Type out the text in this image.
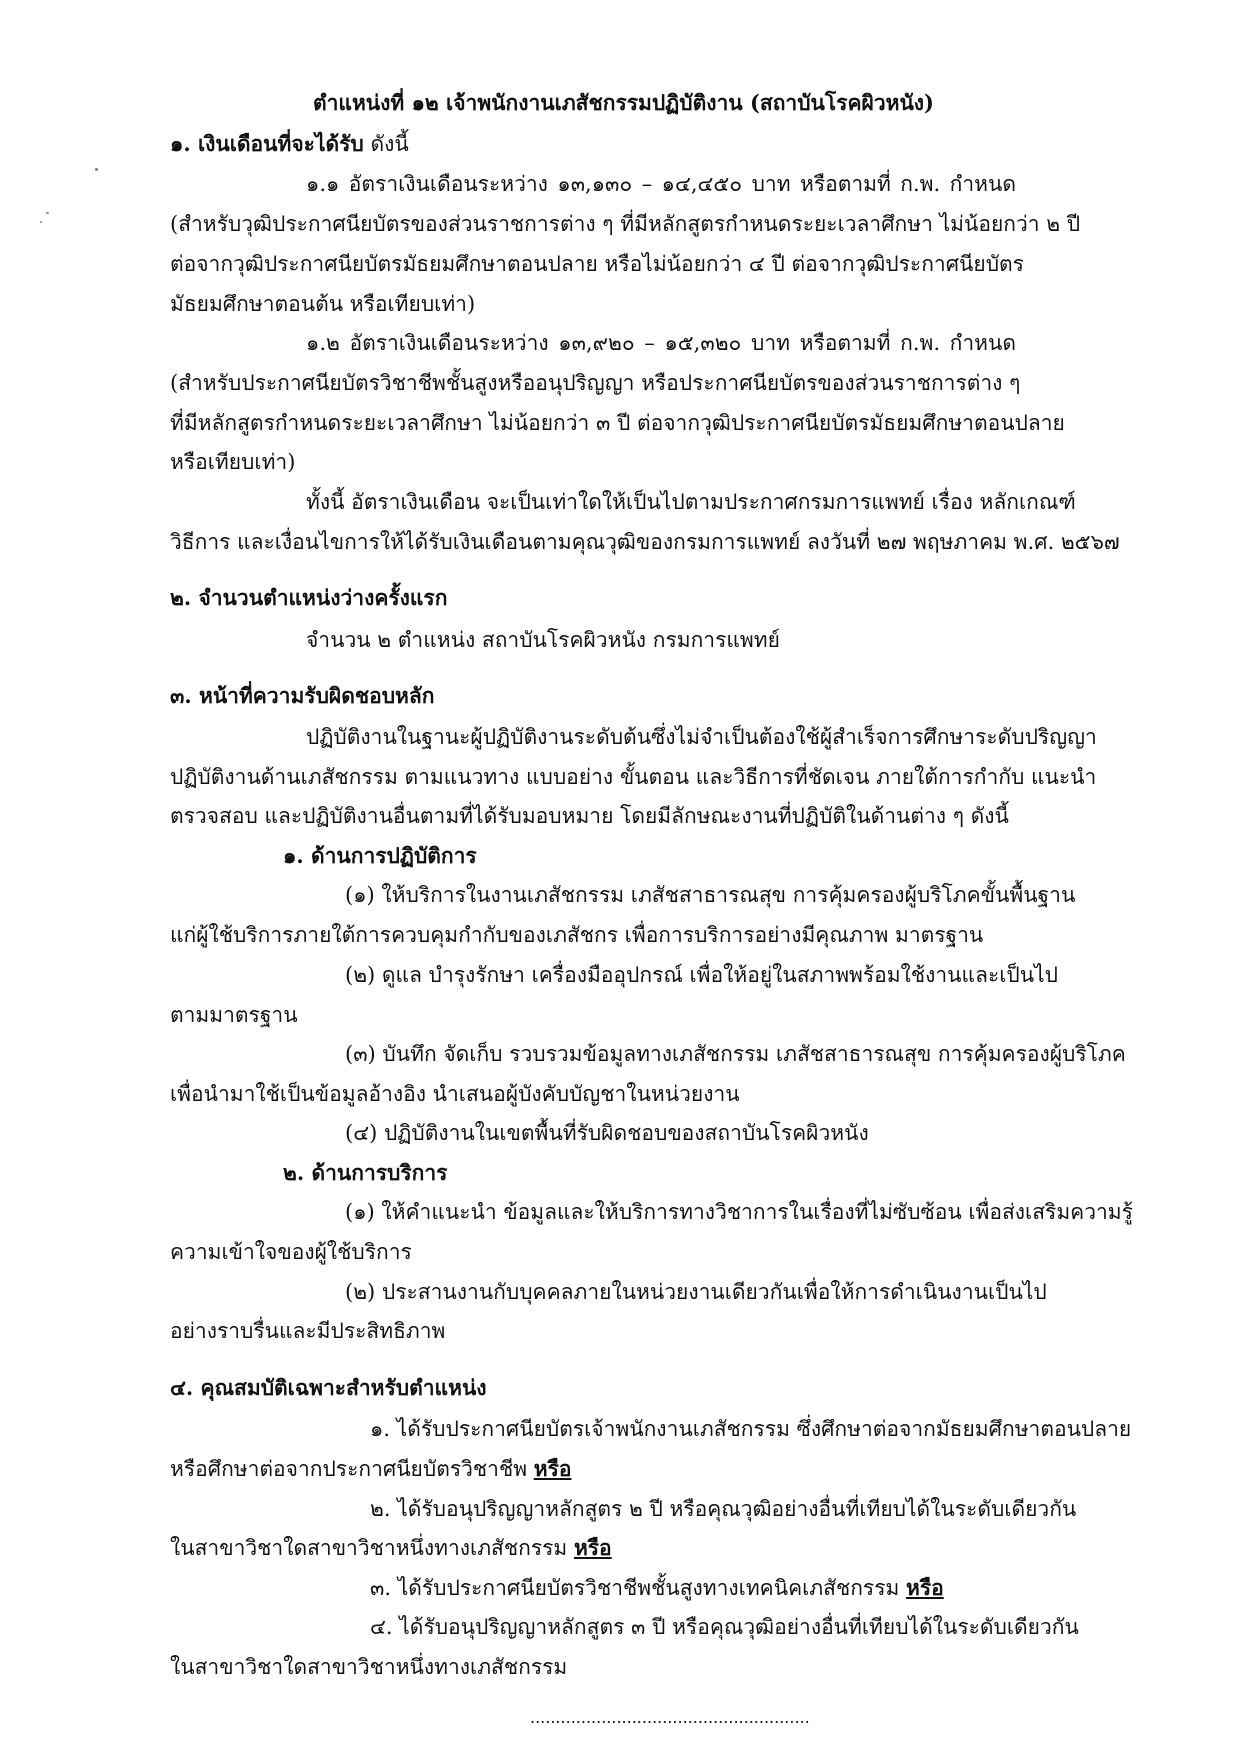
ตำแหน่งที่ ๑๒ เจ้าพนักงานเภสัชกรรมปฏิบัติงาน (สถาบันโรคผิวหนัง)
๑. เงินเดือนที่จะได้รับ ดังนี้
๑.๑ อัตราเงินเดือนระหว่าง ๑๓,๑๓๐ – ๑๔,๔๕๐ บาท หรือตามที่ ก.พ. กำหนด
(สำหรับวุฒิประกาศนียบัตรของส่วนราชการต่าง ๆ ที่มีหลักสูตรกำหนดระยะเวลาศึกษา ไม่น้อยกว่า ๒ ปี
ต่อจากวุฒิประกาศนียบัตรมัธยมศึกษาตอนปลาย หรือไม่น้อยกว่า ๔ ปี ต่อจากวุฒิประกาศนียบัตร
มัธยมศึกษาตอนต้น หรือเทียบเท่า)
๑.๒ อัตราเงินเดือนระหว่าง ๑๓,๙๒๐ – ๑๕,๓๒๐ บาท หรือตามที่ ก.พ. กำหนด
(สำหรับประกาศนียบัตรวิชาชีพชั้นสูงหรืออนุปริญญา หรือประกาศนียบัตรของส่วนราชการต่าง ๆ
ที่มีหลักสูตรกำหนดระยะเวลาศึกษา ไม่น้อยกว่า ๓ ปี ต่อจากวุฒิประกาศนียบัตรมัธยมศึกษาตอนปลาย
หรือเทียบเท่า)
ทั้งนี้ อัตราเงินเดือน จะเป็นเท่าใดให้เป็นไปตามประกาศกรมการแพทย์ เรื่อง หลักเกณฑ์
วิธีการ และเงื่อนไขการให้ได้รับเงินเดือนตามคุณวุฒิของกรมการแพทย์ ลงวันที่ ๒๗ พฤษภาคม พ.ศ. ๒๕๖๗
๒. จำนวนตำแหน่งว่างครั้งแรก
จำนวน ๒ ตำแหน่ง สถาบันโรคผิวหนัง กรมการแพทย์
๓. หน้าที่ความรับผิดชอบหลัก
ปฏิบัติงานในฐานะผู้ปฏิบัติงานระดับต้นซึ่งไม่จำเป็นต้องใช้ผู้สำเร็จการศึกษาระดับปริญญา
ปฏิบัติงานด้านเภสัชกรรม ตามแนวทาง แบบอย่าง ขั้นตอน และวิธีการที่ชัดเจน ภายใต้การกำกับ แนะนำ
ตรวจสอบ และปฏิบัติงานอื่นตามที่ได้รับมอบหมาย โดยมีลักษณะงานที่ปฏิบัติในด้านต่าง ๆ ดังนี้
๑. ด้านการปฏิบัติการ
(๑) ให้บริการในงานเภสัชกรรม เภสัชสาธารณสุข การคุ้มครองผู้บริโภคขั้นพื้นฐาน
แก่ผู้ใช้บริการภายใต้การควบคุมกำกับของเภสัชกร เพื่อการบริการอย่างมีคุณภาพ มาตรฐาน
(๒) ดูแล บำรุงรักษา เครื่องมืออุปกรณ์ เพื่อให้อยู่ในสภาพพร้อมใช้งานและเป็นไป
ตามมาตรฐาน
(๓) บันทึก จัดเก็บ รวบรวมข้อมูลทางเภสัชกรรม เภสัชสาธารณสุข การคุ้มครองผู้บริโภค
เพื่อนำมาใช้เป็นข้อมูลอ้างอิง นำเสนอผู้บังคับบัญชาในหน่วยงาน
(๔) ปฏิบัติงานในเขตพื้นที่รับผิดชอบของสถาบันโรคผิวหนัง
๒. ด้านการบริการ
(๑) ให้คำแนะนำ ข้อมูลและให้บริการทางวิชาการในเรื่องที่ไม่ซับซ้อน เพื่อส่งเสริมความรู้
ความเข้าใจของผู้ใช้บริการ
(๒) ประสานงานกับบุคคลภายในหน่วยงานเดียวกันเพื่อให้การดำเนินงานเป็นไป
อย่างราบรื่นและมีประสิทธิภาพ
๔. คุณสมบัติเฉพาะสำหรับตำแหน่ง
๑. ได้รับประกาศนียบัตรเจ้าพนักงานเภสัชกรรม ซึ่งศึกษาต่อจากมัธยมศึกษาตอนปลาย
หรือศึกษาต่อจากประกาศนียบัตรวิชาชีพ หรือ
๒. ได้รับอนุปริญญาหลักสูตร ๒ ปี หรือคุณวุฒิอย่างอื่นที่เทียบได้ในระดับเดียวกัน
ในสาขาวิชาใดสาขาวิชาหนึ่งทางเภสัชกรรม หรือ
๓. ได้รับประกาศนียบัตรวิชาชีพชั้นสูงทางเทคนิคเภสัชกรรม หรือ
๔. ได้รับอนุปริญญาหลักสูตร ๓ ปี หรือคุณวุฒิอย่างอื่นที่เทียบได้ในระดับเดียวกัน
ในสาขาวิชาใดสาขาวิชาหนึ่งทางเภสัชกรรม
.......................................................
